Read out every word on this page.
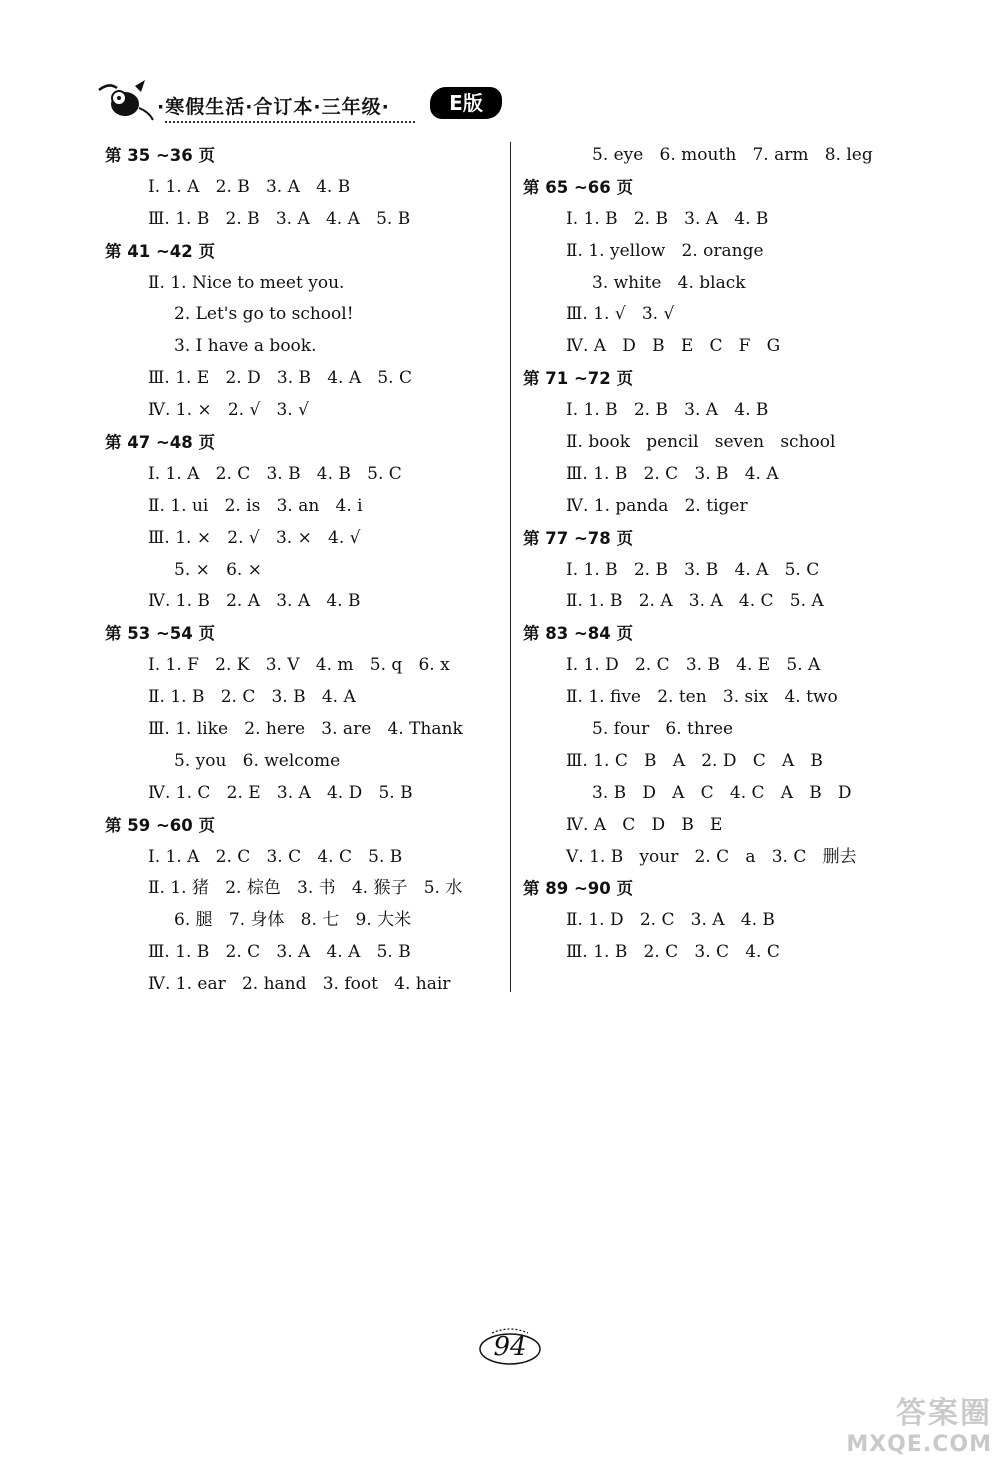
·寒假生活·合订本·三年级·	E版
第 35 ~36 页
Ⅰ. 1. A   2. B   3. A   4. B
Ⅲ. 1. B   2. B   3. A   4. A   5. B
第 41 ~42 页
Ⅱ. 1. Nice to meet you.
2. Let's go to school!
3. I have a book.
Ⅲ. 1. E   2. D   3. B   4. A   5. C
Ⅳ. 1. ×   2. √   3. √
第 47 ~48 页
Ⅰ. 1. A   2. C   3. B   4. B   5. C
Ⅱ. 1. ui   2. is   3. an   4. i
Ⅲ. 1. ×   2. √   3. ×   4. √
5. ×   6. ×
Ⅳ. 1. B   2. A   3. A   4. B
第 53 ~54 页
Ⅰ. 1. F   2. K   3. V   4. m   5. q   6. x
Ⅱ. 1. B   2. C   3. B   4. A
Ⅲ. 1. like   2. here   3. are   4. Thank
5. you   6. welcome
Ⅳ. 1. C   2. E   3. A   4. D   5. B
第 59 ~60 页
Ⅰ. 1. A   2. C   3. C   4. C   5. B
Ⅱ. 1. 猪   2. 棕色   3. 书   4. 猴子   5. 水
6. 腿   7. 身体   8. 七   9. 大米
Ⅲ. 1. B   2. C   3. A   4. A   5. B
Ⅳ. 1. ear   2. hand   3. foot   4. hair
5. eye   6. mouth   7. arm   8. leg
第 65 ~66 页
Ⅰ. 1. B   2. B   3. A   4. B
Ⅱ. 1. yellow   2. orange
3. white   4. black
Ⅲ. 1. √   3. √
Ⅳ. A   D   B   E   C   F   G
第 71 ~72 页
Ⅰ. 1. B   2. B   3. A   4. B
Ⅱ. book   pencil   seven   school
Ⅲ. 1. B   2. C   3. B   4. A
Ⅳ. 1. panda   2. tiger
第 77 ~78 页
Ⅰ. 1. B   2. B   3. B   4. A   5. C
Ⅱ. 1. B   2. A   3. A   4. C   5. A
第 83 ~84 页
Ⅰ. 1. D   2. C   3. B   4. E   5. A
Ⅱ. 1. five   2. ten   3. six   4. two
5. four   6. three
Ⅲ. 1. C   B   A   2. D   C   A   B
3. B   D   A   C   4. C   A   B   D
Ⅳ. A   C   D   B   E
Ⅴ. 1. B   your   2. C   a   3. C   删去
第 89 ~90 页
Ⅱ. 1. D   2. C   3. A   4. B
Ⅲ. 1. B   2. C   3. C   4. C
94
答案圈
MXQE.COM
